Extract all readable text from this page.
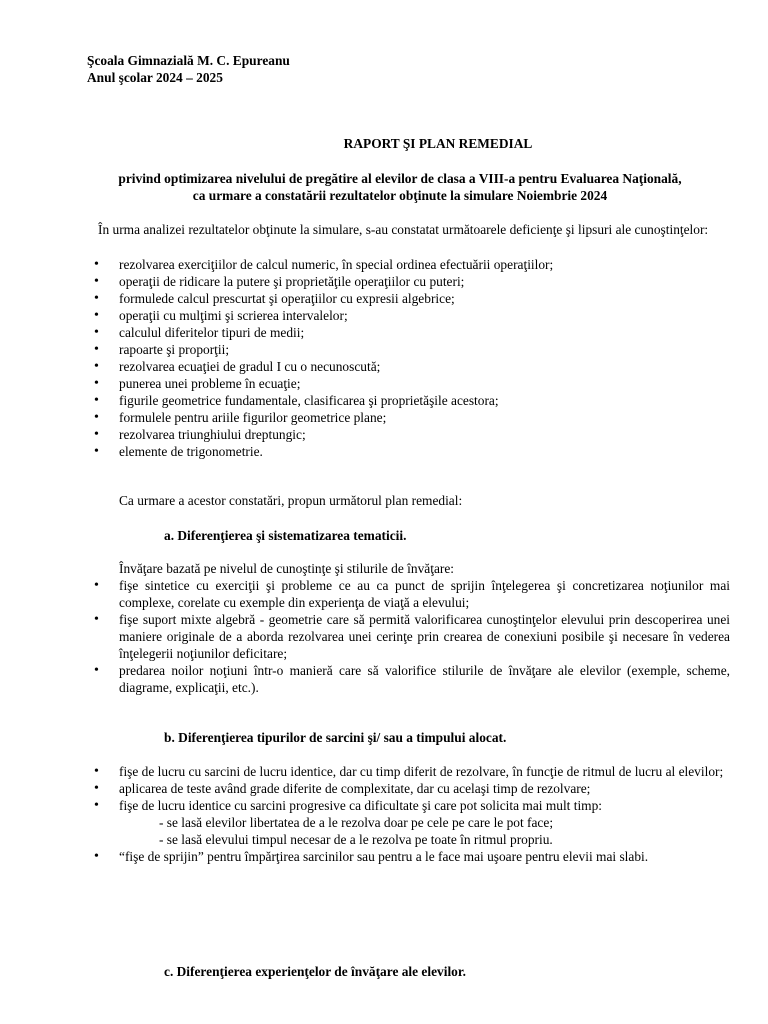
Şcoala Gimnazială M. C. Epureanu
Anul şcolar 2024 – 2025
RAPORT ŞI PLAN REMEDIAL
privind optimizarea nivelului de pregătire al elevilor de clasa a VIII-a pentru Evaluarea Naţională,
ca urmare a constatării rezultatelor obţinute la simulare Noiembrie 2024
În urma analizei rezultatelor obţinute la simulare, s-au constatat următoarele deficienţe şi lipsuri ale cunoştinţelor:
• rezolvarea exerciţiilor de calcul numeric, în special ordinea efectuării operaţiilor;
• operaţii de ridicare la putere şi proprietăţile operaţiilor cu puteri;
• formulede calcul prescurtat şi operaţiilor cu expresii algebrice;
• operaţii cu mulţimi şi scrierea intervalelor;
• calculul diferitelor tipuri de medii;
• rapoarte şi proporţii;
• rezolvarea ecuaţiei de gradul I cu o necunoscută;
• punerea unei probleme în ecuaţie;
• figurile geometrice fundamentale, clasificarea şi proprietăşile acestora;
• formulele pentru ariile figurilor geometrice plane;
• rezolvarea triunghiului dreptungic;
• elemente de trigonometrie.
Ca urmare a acestor constatări, propun următorul plan remedial:
a. Diferenţierea şi sistematizarea tematicii.
Învăţare bazată pe nivelul de cunoştinţe şi stilurile de învăţare:
• fişe sintetice cu exerciţii şi probleme ce au ca punct de sprijin înţelegerea şi concretizarea noţiunilor mai complexe, corelate cu exemple din experienţa de viaţă a elevului;
• fişe suport mixte algebră - geometrie care să permită valorificarea cunoştinţelor elevului prin descoperirea unei maniere originale de a aborda rezolvarea unei cerinţe prin crearea de conexiuni posibile şi necesare în vederea înţelegerii noţiunilor deficitare;
• predarea noilor noţiuni într-o manieră care să valorifice stilurile de învăţare ale elevilor (exemple, scheme, diagrame, explicaţii, etc.).
b. Diferenţierea tipurilor de sarcini şi/ sau a timpului alocat.
• fişe de lucru cu sarcini de lucru identice, dar cu timp diferit de rezolvare, în funcţie de ritmul de lucru al elevilor;
• aplicarea de teste având grade diferite de complexitate, dar cu acelaşi timp de rezolvare;
• fişe de lucru identice cu sarcini progresive ca dificultate şi care pot solicita mai mult timp:
- se lasă elevilor libertatea de a le rezolva doar pe cele pe care le pot face;
- se lasă elevului timpul necesar de a le rezolva pe toate în ritmul propriu.
• “fişe de sprijin” pentru împărţirea sarcinilor sau pentru a le face mai uşoare pentru elevii mai slabi.
c. Diferenţierea experienţelor de învăţare ale elevilor.
